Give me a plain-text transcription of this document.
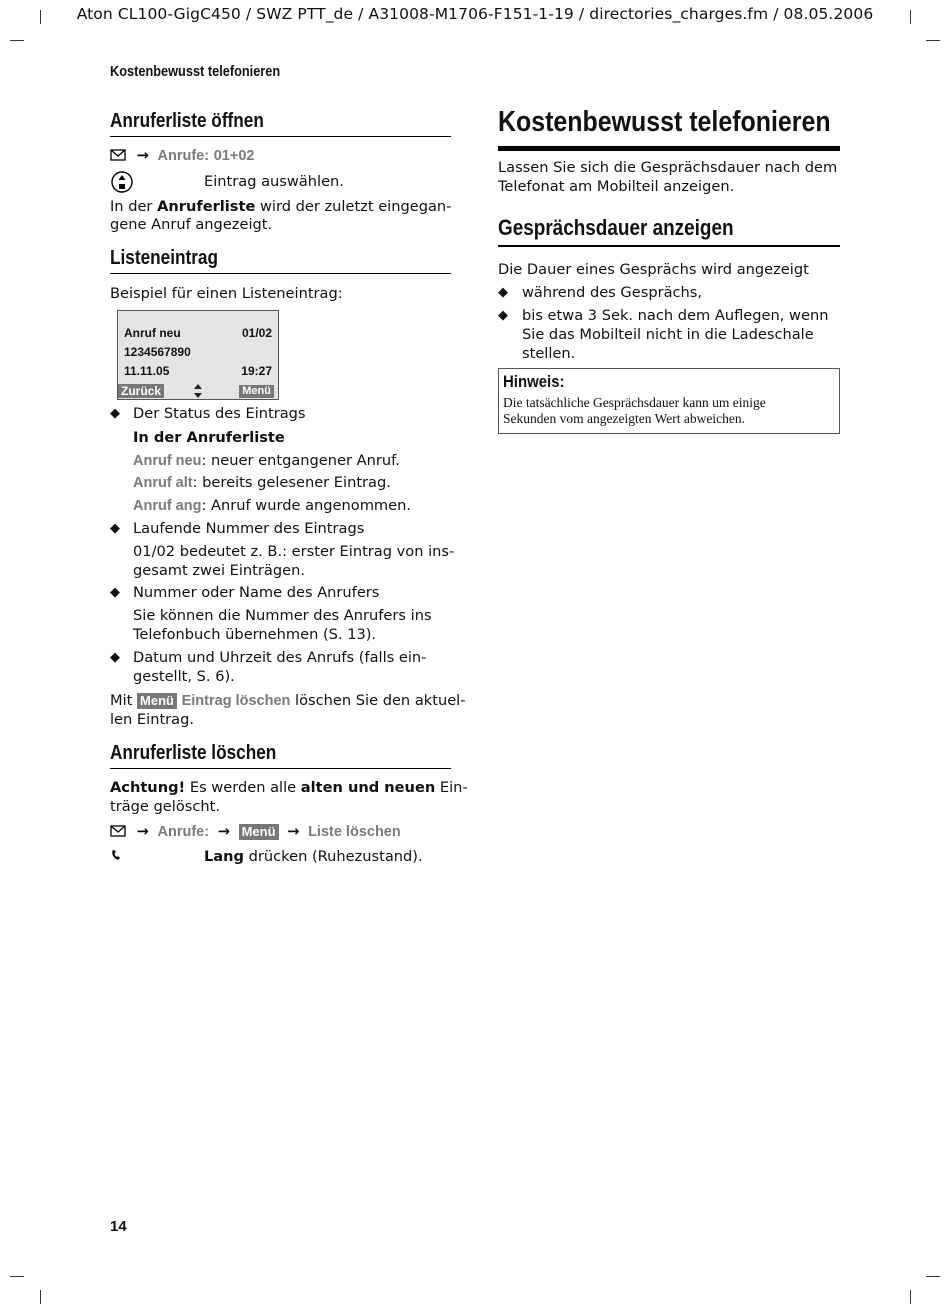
Aton CL100-GigC450 / SWZ PTT_de / A31008-M1706-F151-1-19 / directories_charges.fm / 08.05.2006
Kostenbewusst telefonieren
Anruferliste öffnen
→ Anrufe: 01+02
Eintrag auswählen.
In der Anruferliste wird der zuletzt eingegan-
gene Anruf angezeigt.
Listeneintrag
Beispiel für einen Listeneintrag:
Anruf neu	01/02
1234567890
11.11.05	19:27
Zurück	Menü
◆ Der Status des Eintrags
In der Anruferliste
Anruf neu: neuer entgangener Anruf.
Anruf alt: bereits gelesener Eintrag.
Anruf ang: Anruf wurde angenommen.
◆ Laufende Nummer des Eintrags
01/02 bedeutet z. B.: erster Eintrag von ins-
gesamt zwei Einträgen.
◆ Nummer oder Name des Anrufers
Sie können die Nummer des Anrufers ins
Telefonbuch übernehmen (S. 13).
◆ Datum und Uhrzeit des Anrufs (falls ein-
gestellt, S. 6).
Mit Menü Eintrag löschen löschen Sie den aktuel-
len Eintrag.
Anruferliste löschen
Achtung! Es werden alle alten und neuen Ein-
träge gelöscht.
→ Anrufe: → Menü → Liste löschen
Lang drücken (Ruhezustand).
Kostenbewusst telefonieren
Lassen Sie sich die Gesprächsdauer nach dem
Telefonat am Mobilteil anzeigen.
Gesprächsdauer anzeigen
Die Dauer eines Gesprächs wird angezeigt
◆ während des Gesprächs,
◆ bis etwa 3 Sek. nach dem Auflegen, wenn
Sie das Mobilteil nicht in die Ladeschale
stellen.
Hinweis:
Die tatsächliche Gesprächsdauer kann um einige
Sekunden vom angezeigten Wert abweichen.
14
